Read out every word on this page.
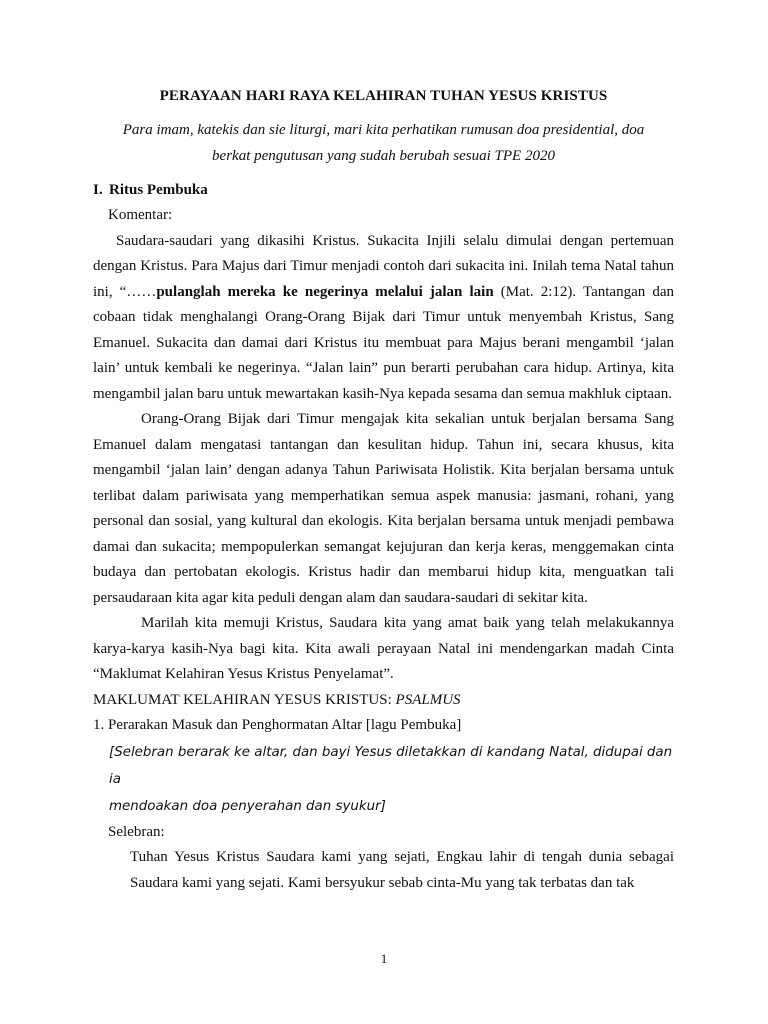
PERAYAAN HARI RAYA KELAHIRAN TUHAN YESUS KRISTUS
Para imam, katekis dan sie liturgi, mari kita perhatikan rumusan doa presidential, doa
berkat pengutusan yang sudah berubah sesuai TPE 2020
I. Ritus Pembuka
Komentar:

Saudara-saudari yang dikasihi Kristus. Sukacita Injili selalu dimulai dengan pertemuan dengan Kristus. Para Majus dari Timur menjadi contoh dari sukacita ini. Inilah tema Natal tahun ini, “……pulanglah mereka ke negerinya melalui jalan lain (Mat. 2:12). Tantangan dan cobaan tidak menghalangi Orang-Orang Bijak dari Timur untuk menyembah Kristus, Sang Emanuel. Sukacita dan damai dari Kristus itu membuat para Majus berani mengambil ‘jalan lain’ untuk kembali ke negerinya. “Jalan lain” pun berarti perubahan cara hidup. Artinya, kita mengambil jalan baru untuk mewartakan kasih-Nya kepada sesama dan semua makhluk ciptaan.

Orang-Orang Bijak dari Timur mengajak kita sekalian untuk berjalan bersama Sang Emanuel dalam mengatasi tantangan dan kesulitan hidup. Tahun ini, secara khusus, kita mengambil ‘jalan lain’ dengan adanya Tahun Pariwisata Holistik. Kita berjalan bersama untuk terlibat dalam pariwisata yang memperhatikan semua aspek manusia: jasmani, rohani, yang personal dan sosial, yang kultural dan ekologis. Kita berjalan bersama untuk menjadi pembawa damai dan sukacita; mempopulerkan semangat kejujuran dan kerja keras, menggemakan cinta budaya dan pertobatan ekologis. Kristus hadir dan membarui hidup kita, menguatkan tali persaudaraan kita agar kita peduli dengan alam dan saudara-saudari di sekitar kita.

Marilah kita memuji Kristus, Saudara kita yang amat baik yang telah melakukannya karya-karya kasih-Nya bagi kita. Kita awali perayaan Natal ini mendengarkan madah Cinta “Maklumat Kelahiran Yesus Kristus Penyelamat”.

MAKLUMAT KELAHIRAN YESUS KRISTUS: PSALMUS
1. Perarakan Masuk dan Penghormatan Altar [lagu Pembuka]
[Selebran berarak ke altar, dan bayi Yesus diletakkan di kandang Natal, didupai dan ia
mendoakan doa penyerahan dan syukur]
Selebran:

Tuhan Yesus Kristus Saudara kami yang sejati, Engkau lahir di tengah dunia sebagai Saudara kami yang sejati. Kami bersyukur sebab cinta-Mu yang tak terbatas dan tak

1
